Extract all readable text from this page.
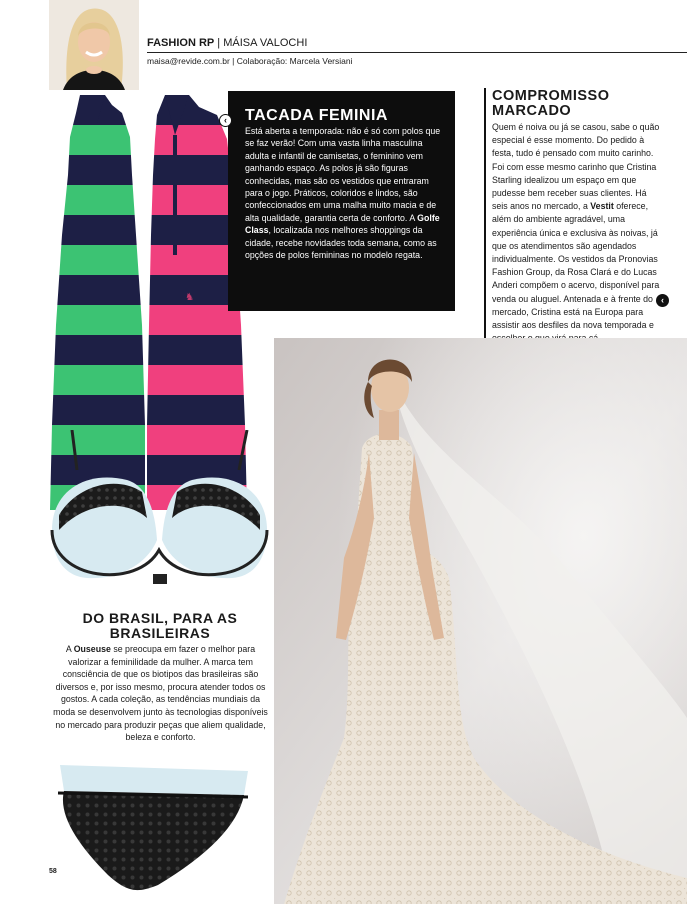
FASHION RP | MÁISA VALOCHI
maisa@revide.com.br | Colaboração: Marcela Versiani
♞
‹	TACADA FEMINIA
Está aberta a temporada: não é só com polos que se faz verão! Com uma vasta linha masculina adulta e infantil de camisetas, o feminino vem ganhando espaço. As polos já são figuras conhecidas, mas são os vestidos que entraram para o jogo. Práticos, coloridos e lindos, são confeccionados em uma malha muito macia e de alta qualidade, garantia certa de conforto. A Golfe Class, localizada nos melhores shoppings da cidade, recebe novidades toda semana, como as opções de polos femininas no modelo regata.
COMPROMISSO MARCADO
Quem é noiva ou já se casou, sabe o quão especial é esse momento. Do pedido à festa, tudo é pensado com muito carinho. Foi com esse mesmo carinho que Cristina Starling idealizou um espaço em que pudesse bem receber suas clientes. Há seis anos no mercado, a Vestit oferece, além do ambiente agradável, uma experiência única e exclusiva às noivas, já que os atendimentos são agendados individualmente. Os vestidos da Pronovias Fashion Group, da Rosa Clará e do Lucas Anderi compõem o acervo, disponível para venda ou aluguel. Antenada e à frente do mercado, Cristina está na Europa para assistir aos desfiles da nova temporada e
‹
DO BRASIL, PARA AS BRASILEIRAS
A Ouseuse se preocupa em fazer o melhor para valorizar a feminilidade da mulher. A marca tem consciência de que os biotipos das brasileiras são diversos e, por isso mesmo, procura atender todos os gostos. A cada coleção, as tendências mundiais da moda se desenvolvem junto às tecnologias disponíveis no mercado para produzir peças que aliem qualidade, beleza e conforto.
58
